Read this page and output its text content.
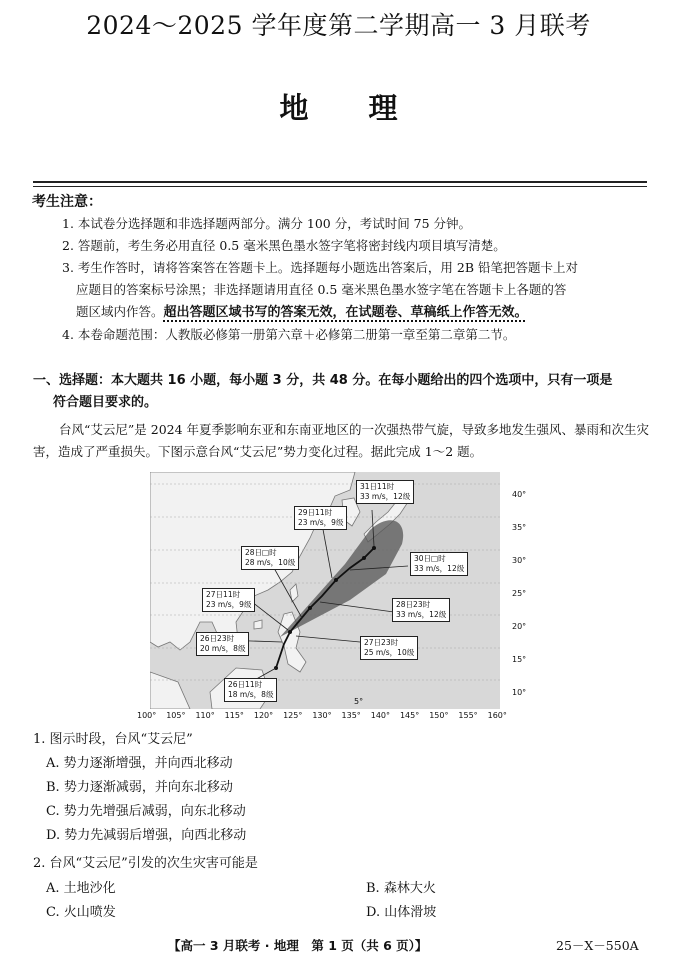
2024～2025 学年度第二学期高一 3 月联考
地理
考生注意：
1. 本试卷分选择题和非选择题两部分。满分 100 分，考试时间 75 分钟。
2. 答题前，考生务必用直径 0.5 毫米黑色墨水签字笔将密封线内项目填写清楚。
3. 考生作答时，请将答案答在答题卡上。选择题每小题选出答案后，用 2B 铅笔把答题卡上对
应题目的答案标号涂黑；非选择题请用直径 0.5 毫米黑色墨水签字笔在答题卡上各题的答
题区域内作答。超出答题区域书写的答案无效，在试题卷、草稿纸上作答无效。
4. 本卷命题范围：人教版必修第一册第六章＋必修第二册第一章至第二章第二节。
一、选择题：本大题共 16 小题，每小题 3 分，共 48 分。在每小题给出的四个选项中，只有一项是
符合题目要求的。
台风“艾云尼”是 2024 年夏季影响东亚和东南亚地区的一次强热带气旋，导致多地发生强风、暴雨和次生灾害，造成了严重损失。下图示意台风“艾云尼”势力变化过程。据此完成 1～2 题。
40°
35°
30°
25°
20°
15°
10°
5°
100° 105° 110° 115° 120° 125° 130° 135° 140° 145° 150° 155° 160°
31日11时
33 m/s，12级
29日11时
23 m/s，9级
28日□时
28 m/s，10级	30日□时
33 m/s，12级
27日11时
23 m/s，9级	28日23时
33 m/s，12级
26日23时
20 m/s，8级
27日23时
25 m/s，10级
26日11时
18 m/s，8级
1. 图示时段，台风“艾云尼”
A. 势力逐渐增强，并向西北移动
B. 势力逐渐减弱，并向东北移动
C. 势力先增强后减弱，向东北移动
D. 势力先减弱后增强，向西北移动
2. 台风“艾云尼”引发的次生灾害可能是
A. 土地沙化	B. 森林大火
C. 火山喷发	D. 山体滑坡
【高一 3 月联考 · 地理　第 1 页（共 6 页）】	25－X－550A
